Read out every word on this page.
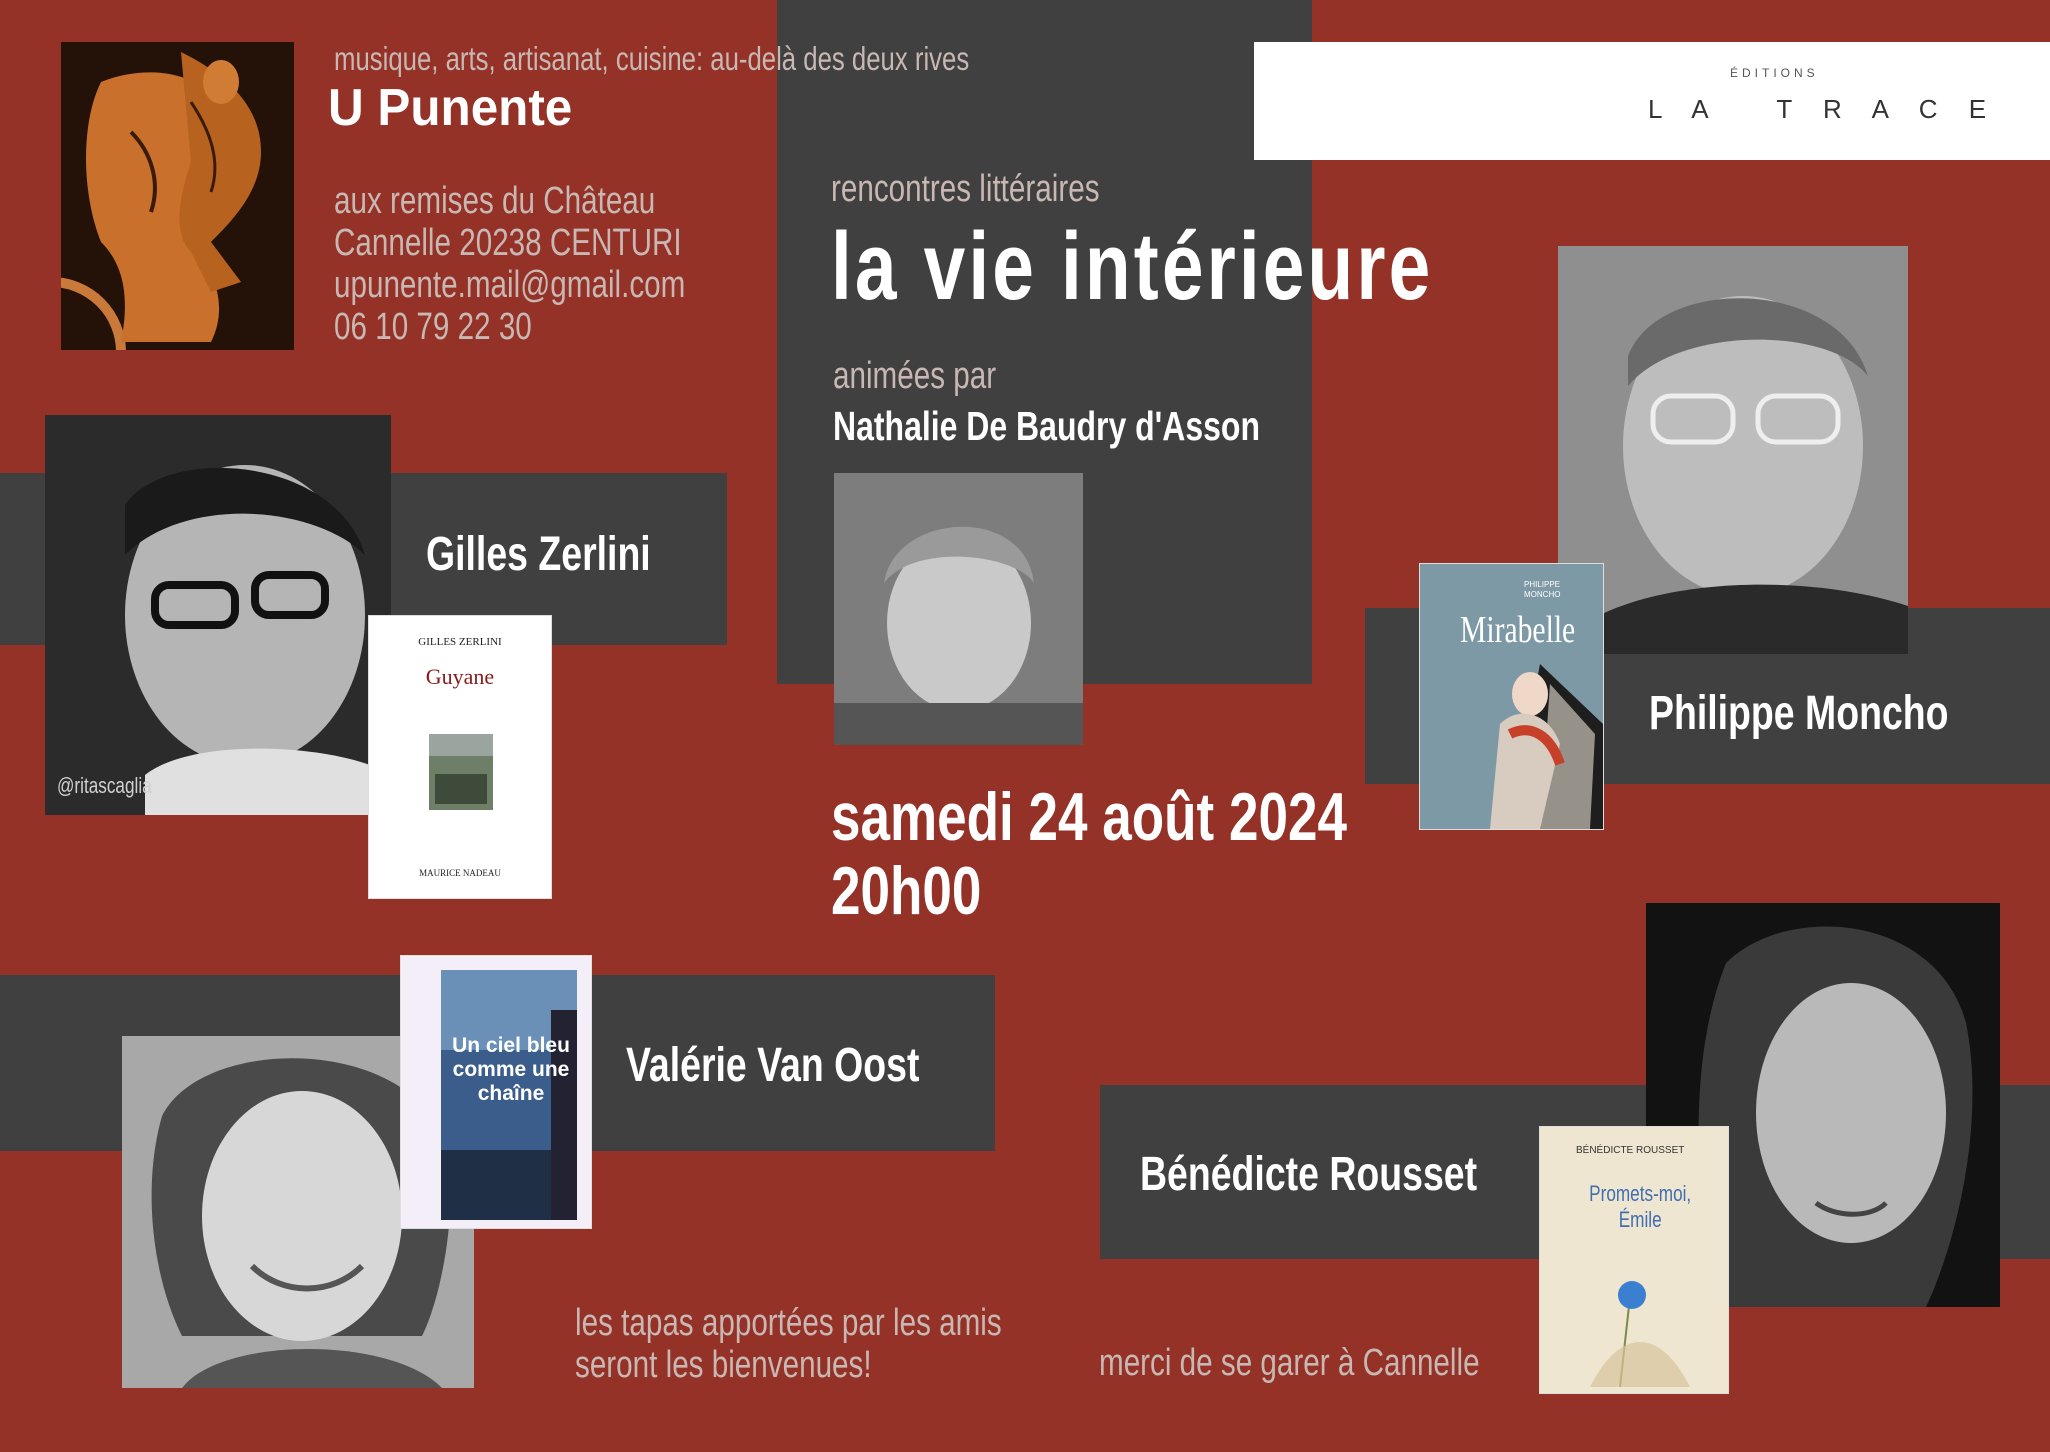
musique, arts, artisanat, cuisine: au-delà des deux rives
U Punente
aux remises du Château
Cannelle 20238 CENTURI
upunente.mail@gmail.com
06 10 79 22 30
ÉDITIONS
L A   T R A C E
rencontres littéraires
la vie intérieure
animées par
Nathalie De Baudry d'Asson
samedi 24 août 2024
20h00
@ritascaglia
Gilles Zerlini
GILLES ZERLINI
Guyane
MAURICE NADEAU
PHILIPPE MONCHO
Mirabelle
Philippe Moncho
Un ciel bleu comme une chaîne
Valérie Van Oost
Bénédicte Rousset	BÉNÉDICTE ROUSSET
Promets-moi, Émile
les tapas apportées par les amis
seront les bienvenues!	merci de se garer à Cannelle
